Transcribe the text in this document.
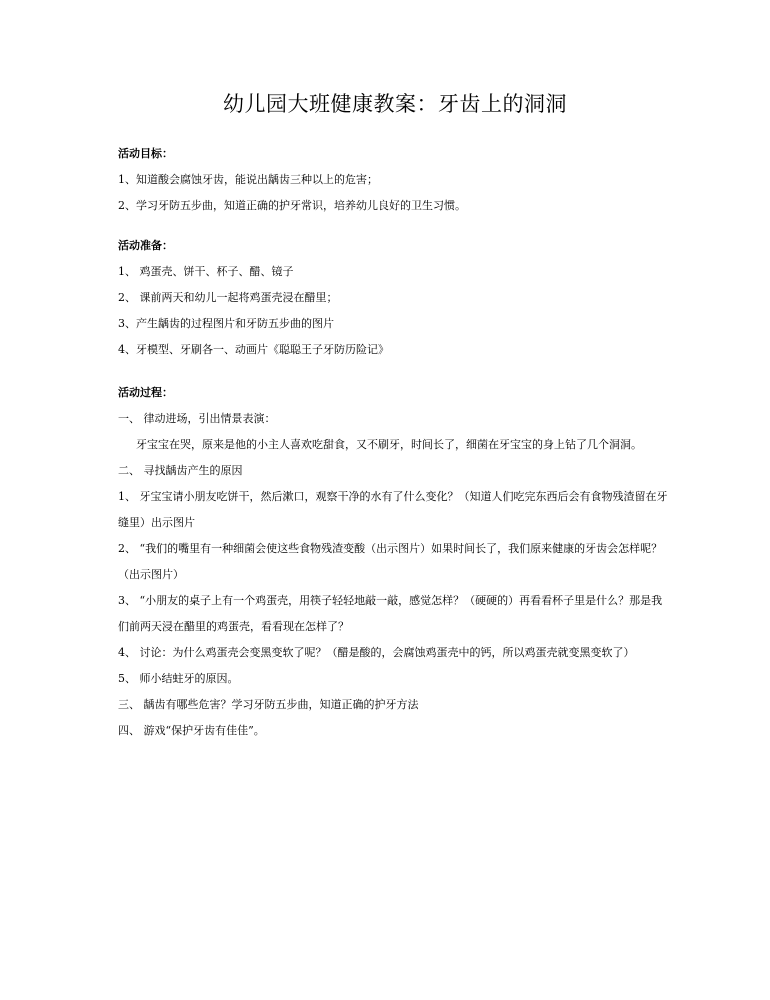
幼儿园大班健康教案：牙齿上的洞洞
活动目标：

1、知道酸会腐蚀牙齿，能说出龋齿三种以上的危害；

2、学习牙防五步曲，知道正确的护牙常识，培养幼儿良好的卫生习惯。

活动准备：

1、 鸡蛋壳、饼干、杯子、醋、镜子

2、 课前两天和幼儿一起将鸡蛋壳浸在醋里；

3、产生龋齿的过程图片和牙防五步曲的图片

4、牙模型、牙刷各一、动画片《聪聪王子牙防历险记》

活动过程：

一、 律动进场，引出情景表演：

牙宝宝在哭，原来是他的小主人喜欢吃甜食，又不刷牙，时间长了，细菌在牙宝宝的身上钻了几个洞洞。

二、 寻找龋齿产生的原因

1、 牙宝宝请小朋友吃饼干，然后漱口，观察干净的水有了什么变化？（知道人们吃完东西后会有食物残渣留在牙缝里）出示图片

2、 “我们的嘴里有一种细菌会使这些食物残渣变酸（出示图片）如果时间长了，我们原来健康的牙齿会怎样呢？（出示图片）

3、 “小朋友的桌子上有一个鸡蛋壳，用筷子轻轻地敲一敲，感觉怎样？（硬硬的）再看看杯子里是什么？那是我们前两天浸在醋里的鸡蛋壳，看看现在怎样了？

4、 讨论：为什么鸡蛋壳会变黑变软了呢？（醋是酸的，会腐蚀鸡蛋壳中的钙，所以鸡蛋壳就变黑变软了）

5、 师小结蛀牙的原因。

三、 龋齿有哪些危害？学习牙防五步曲，知道正确的护牙方法

四、 游戏“保护牙齿有佳佳”。
